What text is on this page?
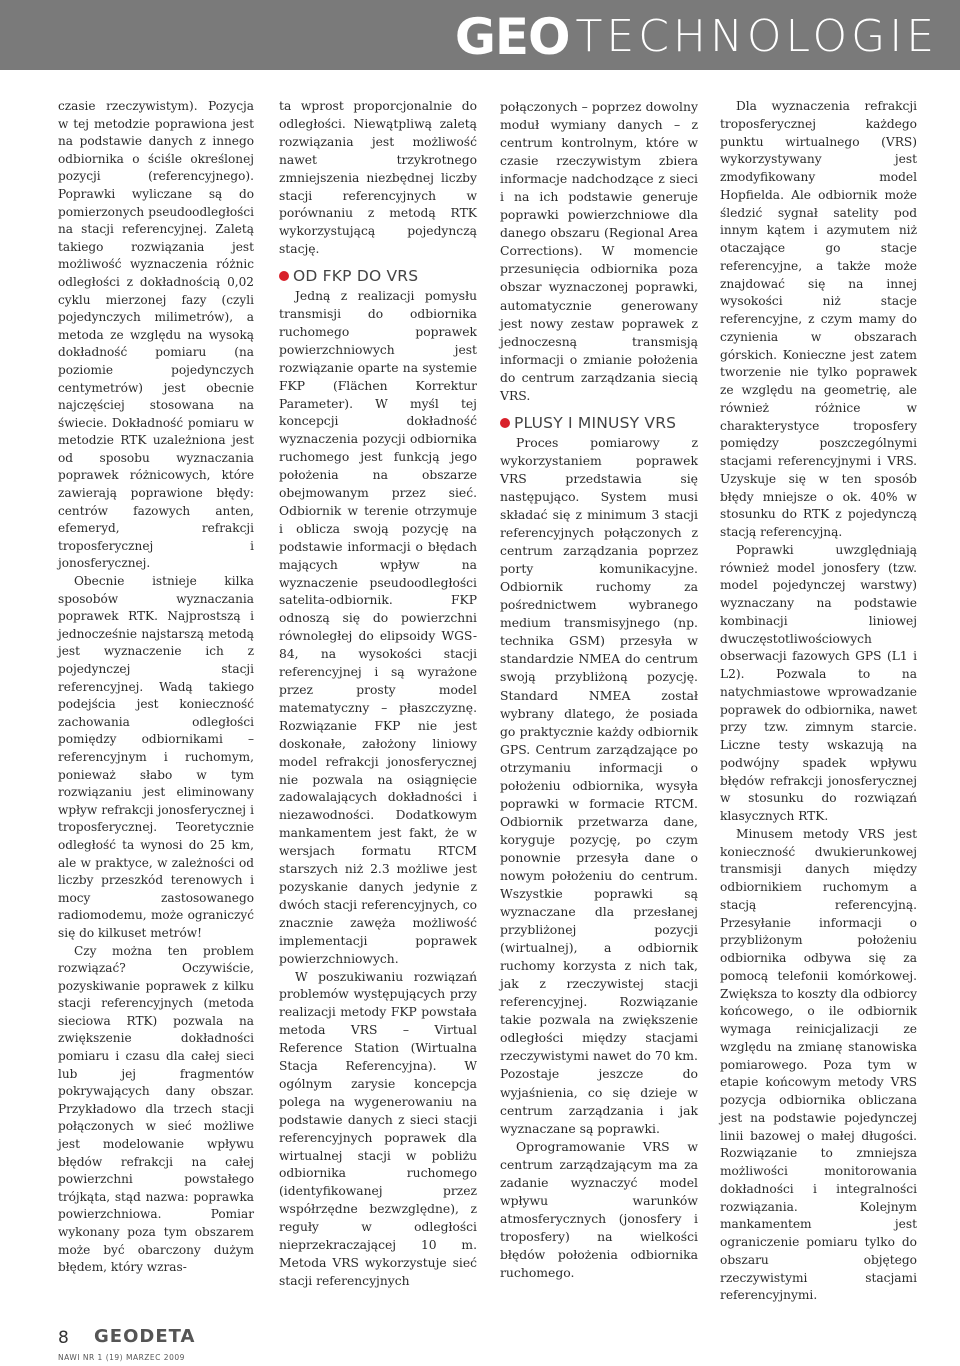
GEO TECHNOLOGIE

czasie rzeczywistym). Pozycja w tej metodzie poprawiona jest na podstawie danych z innego odbiornika o ściśle określonej pozycji (referencyjnego). Poprawki wyliczane są do pomierzonych pseudoodległości na stacji referencyjnej. Zaletą takiego rozwiązania jest możliwość wyznaczenia różnic odległości z dokładnością 0,02 cyklu mierzonej fazy (czyli pojedynczych milimetrów), a metoda ze względu na wysoką dokładność pomiaru (na poziomie pojedynczych centymetrów) jest obecnie najczęściej stosowana na świecie. Dokładność pomiaru w metodzie RTK uzależniona jest od sposobu wyznaczania poprawek różnicowych, które zawierają poprawione błędy: centrów fazowych anten, efemeryd, refrakcji troposferycznej i jonosferycznej.

Obecnie istnieje kilka sposobów wyznaczania poprawek RTK. Najprostszą i jednocześnie najstarszą metodą jest wyznaczenie ich z pojedynczej stacji referencyjnej. Wadą takiego podejścia jest konieczność zachowania odległości pomiędzy odbiornikami – referencyjnym i ruchomym, ponieważ słabo w tym rozwiązaniu jest eliminowany wpływ refrakcji jonosferycznej i troposferycznej. Teoretycznie odległość ta wynosi do 25 km, ale w praktyce, w zależności od liczby przeszkód terenowych i mocy zastosowanego radiomodemu, może ograniczyć się do kilkuset metrów!

Czy można ten problem rozwiązać? Oczywiście, pozyskiwanie poprawek z kilku stacji referencyjnych (metoda sieciowa RTK) pozwala na zwiększenie dokładności pomiaru i czasu dla całej sieci lub jej fragmentów pokrywających dany obszar. Przykładowo dla trzech stacji połączonych w sieć możliwe jest modelowanie wpływu błędów refrakcji na całej powierzchni powstałego trójkąta, stąd nazwa: poprawka powierzchniowa. Pomiar wykonany poza tym obszarem może być obarczony dużym błędem, który wzras-

ta wprost proporcjonalnie do odległości. Niewątpliwą zaletą rozwiązania jest możliwość nawet trzykrotnego zmniejszenia niezbędnej liczby stacji referencyjnych w porównaniu z metodą RTK wykorzystującą pojedynczą stację.

OD FKP DO VRS

Jedną z realizacji pomysłu transmisji do odbiornika ruchomego poprawek powierzchniowych jest rozwiązanie oparte na systemie FKP (Flächen Korrektur Parameter). W myśl tej koncepcji dokładność wyznaczenia pozycji odbiornika ruchomego jest funkcją jego położenia na obszarze obejmowanym przez sieć. Odbiornik w terenie otrzymuje i oblicza swoją pozycję na podstawie informacji o błędach mających wpływ na wyznaczenie pseudoodległości satelita-odbiornik. FKP odnoszą się do powierzchni równoległej do elipsoidy WGS-84, na wysokości stacji referencyjnej i są wyrażone przez prosty model matematyczny – płaszczyznę. Rozwiązanie FKP nie jest doskonałe, założony liniowy model refrakcji jonosferycznej nie pozwala na osiągnięcie zadowalających dokładności i niezawodności. Dodatkowym mankamentem jest fakt, że w wersjach formatu RTCM starszych niż 2.3 możliwe jest pozyskanie danych jedynie z dwóch stacji referencyjnych, co znacznie zawęża możliwość implementacji poprawek powierzchniowych.

W poszukiwaniu rozwiązań problemów występujących przy realizacji metody FKP powstała metoda VRS – Virtual Reference Station (Wirtualna Stacja Referencyjna). W ogólnym zarysie koncepcja polega na wygenerowaniu na podstawie danych z sieci stacji referencyjnych poprawek dla wirtualnej stacji w pobliżu odbiornika ruchomego (identyfikowanej przez współrzędne bezwzględne), z reguły w odległości nieprzekraczającej 10 m. Metoda VRS wykorzystuje sieć stacji referencyjnych

połączonych – poprzez dowolny moduł wymiany danych – z centrum kontrolnym, które w czasie rzeczywistym zbiera informacje nadchodzące z sieci i na ich podstawie generuje poprawki powierzchniowe dla danego obszaru (Regional Area Corrections). W momencie przesunięcia odbiornika poza obszar wyznaczonej poprawki, automatycznie generowany jest nowy zestaw poprawek z jednoczesną transmisją informacji o zmianie położenia do centrum zarządzania siecią VRS.

PLUSY I MINUSY VRS

Proces pomiarowy z wykorzystaniem poprawek VRS przedstawia się następująco. System musi składać się z minimum 3 stacji referencyjnych połączonych z centrum zarządzania poprzez porty komunikacyjne. Odbiornik ruchomy za pośrednictwem wybranego medium transmisyjnego (np. technika GSM) przesyła w standardzie NMEA do centrum swoją przybliżoną pozycję. Standard NMEA został wybrany dlatego, że posiada go praktycznie każdy odbiornik GPS. Centrum zarządzające po otrzymaniu informacji o położeniu odbiornika, wysyła poprawki w formacie RTCM. Odbiornik przetwarza dane, koryguje pozycję, po czym ponownie przesyła dane o nowym położeniu do centrum. Wszystkie poprawki są wyznaczane dla przesłanej przybliżonej pozycji (wirtualnej), a odbiornik ruchomy korzysta z nich tak, jak z rzeczywistej stacji referencyjnej. Rozwiązanie takie pozwala na zwiększenie odległości między stacjami rzeczywistymi nawet do 70 km. Pozostaje jeszcze do wyjaśnienia, co się dzieje w centrum zarządzania i jak wyznaczane są poprawki.

Oprogramowanie VRS w centrum zarządzającym ma za zadanie wyznaczyć model wpływu warunków atmosferycznych (jonosfery i troposfery) na wielkości błędów położenia odbiornika ruchomego.

Dla wyznaczenia refrakcji troposferycznej każdego punktu wirtualnego (VRS) wykorzystywany jest zmodyfikowany model Hopfielda. Ale odbiornik może śledzić sygnał satelity pod innym kątem i azymutem niż otaczające go stacje referencyjne, a także może znajdować się na innej wysokości niż stacje referencyjne, z czym mamy do czynienia w obszarach górskich. Konieczne jest zatem tworzenie nie tylko poprawek ze względu na geometrię, ale również różnice w charakterystyce troposfery pomiędzy poszczególnymi stacjami referencyjnymi i VRS. Uzyskuje się w ten sposób błędy mniejsze o ok. 40% w stosunku do RTK z pojedynczą stacją referencyjną.

Poprawki uwzględniają również model jonosfery (tzw. model pojedynczej warstwy) wyznaczany na podstawie kombinacji liniowej dwuczęstotliwościowych obserwacji fazowych GPS (L1 i L2). Pozwala to na natychmiastowe wprowadzanie poprawek do odbiornika, nawet przy tzw. zimnym starcie. Liczne testy wskazują na podwójny spadek wpływu błędów refrakcji jonosferycznej w stosunku do rozwiązań klasycznych RTK.

Minusem metody VRS jest konieczność dwukierunkowej transmisji danych między odbiornikiem ruchomym a stacją referencyjną. Przesyłanie informacji o przybliżonym położeniu odbiornika odbywa się za pomocą telefonii komórkowej. Zwiększa to koszty dla odbiorcy końcowego, o ile odbiornik wymaga reinicjalizacji ze względu na zmianę stanowiska pomiarowego. Poza tym w etapie końcowym metody VRS pozycja odbiornika obliczana jest na podstawie pojedynczej linii bazowej o małej długości. Rozwiązanie to zmniejsza możliwości monitorowania dokładności i integralności rozwiązania. Kolejnym mankamentem jest ograniczenie pomiaru tylko do obszaru objętego rzeczywistymi stacjami referencyjnymi.

8 GEODETA
NAWI NR 1 (19) MARZEC 2009
